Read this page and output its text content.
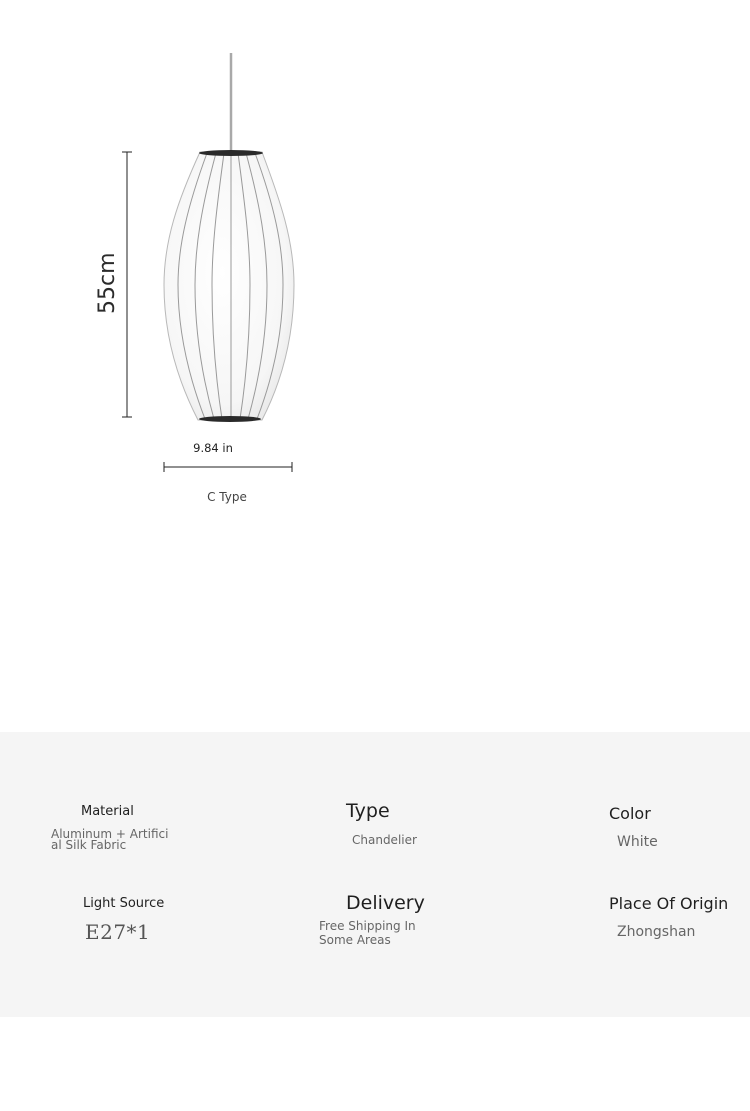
55cm
9.84 in
C Type
Material
Aluminum + Artificial Silk Fabric
Type
Chandelier
Color
White
Light Source
E27*1
Delivery
Free Shipping In Some Areas
Place Of Origin
Zhongshan
